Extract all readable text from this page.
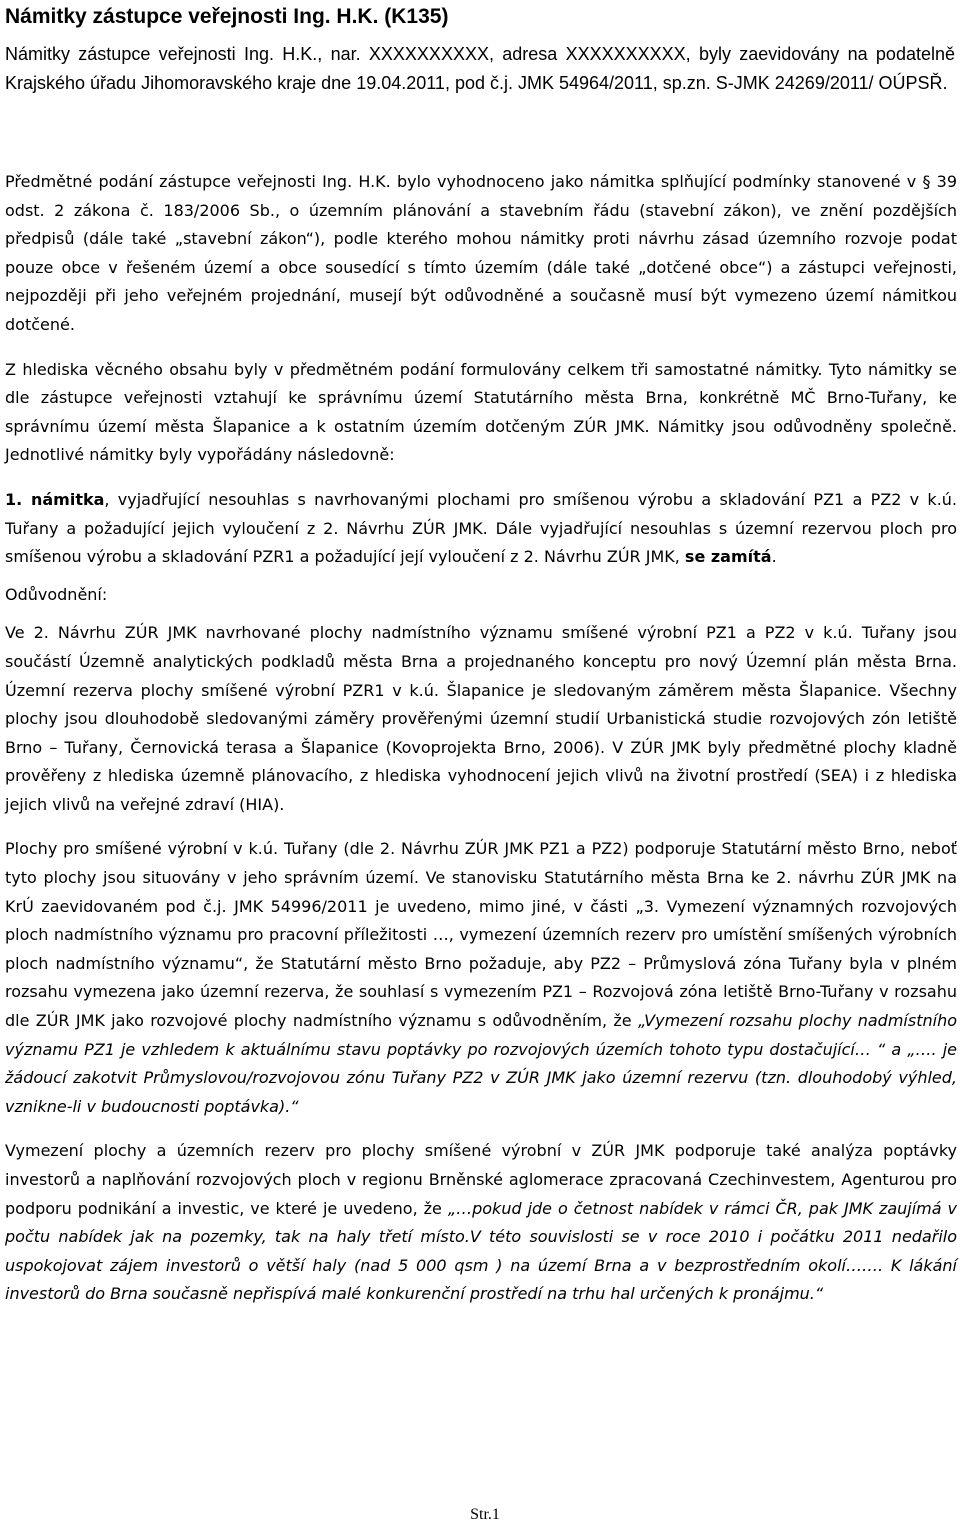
Námitky zástupce veřejnosti Ing. H.K. (K135)

Námitky zástupce veřejnosti Ing. H.K., nar. XXXXXXXXXX, adresa XXXXXXXXXX, byly zaevidovány na podatelně Krajského úřadu Jihomoravského kraje dne 19.04.2011, pod č.j. JMK 54964/2011, sp.zn. S-JMK 24269/2011/ OÚPSŘ.

Předmětné podání zástupce veřejnosti Ing. H.K. bylo vyhodnoceno jako námitka splňující podmínky stanovené v § 39 odst. 2 zákona č. 183/2006 Sb., o územním plánování a stavebním řádu (stavební zákon), ve znění pozdějších předpisů (dále také „stavební zákon“), podle kterého mohou námitky proti návrhu zásad územního rozvoje podat pouze obce v řešeném území a obce sousedící s tímto územím (dále také „dotčené obce“) a zástupci veřejnosti, nejpozději při jeho veřejném projednání, musejí být odůvodněné a současně musí být vymezeno území námitkou dotčené.

Z hlediska věcného obsahu byly v předmětném podání formulovány celkem tři samostatné námitky. Tyto námitky se dle zástupce veřejnosti vztahují ke správnímu území Statutárního města Brna, konkrétně MČ Brno-Tuřany, ke správnímu území města Šlapanice a k ostatním územím dotčeným ZÚR JMK. Námitky jsou odůvodněny společně. Jednotlivé námitky byly vypořádány následovně:

1. námitka, vyjadřující nesouhlas s navrhovanými plochami pro smíšenou výrobu a skladování PZ1 a PZ2 v k.ú. Tuřany a požadující jejich vyloučení z 2. Návrhu ZÚR JMK. Dále vyjadřující nesouhlas s územní rezervou ploch pro smíšenou výrobu a skladování PZR1 a požadující její vyloučení z 2. Návrhu ZÚR JMK, se zamítá.

Odůvodnění:

Ve 2. Návrhu ZÚR JMK navrhované plochy nadmístního významu smíšené výrobní PZ1 a PZ2 v k.ú. Tuřany jsou součástí Územně analytických podkladů města Brna a projednaného konceptu pro nový Územní plán města Brna. Územní rezerva plochy smíšené výrobní PZR1 v k.ú. Šlapanice je sledovaným záměrem města Šlapanice. Všechny plochy jsou dlouhodobě sledovanými záměry prověřenými územní studií Urbanistická studie rozvojových zón letiště Brno – Tuřany, Černovická terasa a Šlapanice (Kovoprojekta Brno, 2006). V ZÚR JMK byly předmětné plochy kladně prověřeny z hlediska územně plánovacího, z hlediska vyhodnocení jejich vlivů na životní prostředí (SEA) i z hlediska jejich vlivů na veřejné zdraví (HIA).

Plochy pro smíšené výrobní v k.ú. Tuřany (dle 2. Návrhu ZÚR JMK PZ1 a PZ2) podporuje Statutární město Brno, neboť tyto plochy jsou situovány v jeho správním území. Ve stanovisku Statutárního města Brna ke 2. návrhu ZÚR JMK na KrÚ zaevidovaném pod č.j. JMK 54996/2011 je uvedeno, mimo jiné, v části „3. Vymezení významných rozvojových ploch nadmístního významu pro pracovní příležitosti …, vymezení územních rezerv pro umístění smíšených výrobních ploch nadmístního významu“, že Statutární město Brno požaduje, aby PZ2 – Průmyslová zóna Tuřany byla v plném rozsahu vymezena jako územní rezerva, že souhlasí s vymezením PZ1 – Rozvojová zóna letiště Brno-Tuřany v rozsahu dle ZÚR JMK jako rozvojové plochy nadmístního významu s odůvodněním, že „Vymezení rozsahu plochy nadmístního významu PZ1 je vzhledem k aktuálnímu stavu poptávky po rozvojových územích tohoto typu dostačující… “ a „…. je žádoucí zakotvit Průmyslovou/rozvojovou zónu Tuřany PZ2 v ZÚR JMK jako územní rezervu (tzn. dlouhodobý výhled, vznikne-li v budoucnosti poptávka).“

Vymezení plochy a územních rezerv pro plochy smíšené výrobní v ZÚR JMK podporuje také analýza poptávky investorů a naplňování rozvojových ploch v regionu Brněnské aglomerace zpracovaná Czechinvestem, Agenturou pro podporu podnikání a investic, ve které je uvedeno, že „…pokud jde o četnost nabídek v rámci ČR, pak JMK zaujímá v počtu nabídek jak na pozemky, tak na haly třetí místo.V této souvislosti se v roce 2010 i počátku 2011 nedařilo uspokojovat zájem investorů o větší haly (nad 5 000 qsm ) na území Brna a v bezprostředním okolí……. K lákání investorů do Brna současně nepřispívá malé konkurenční prostředí na trhu hal určených k pronájmu.“

Str.1
